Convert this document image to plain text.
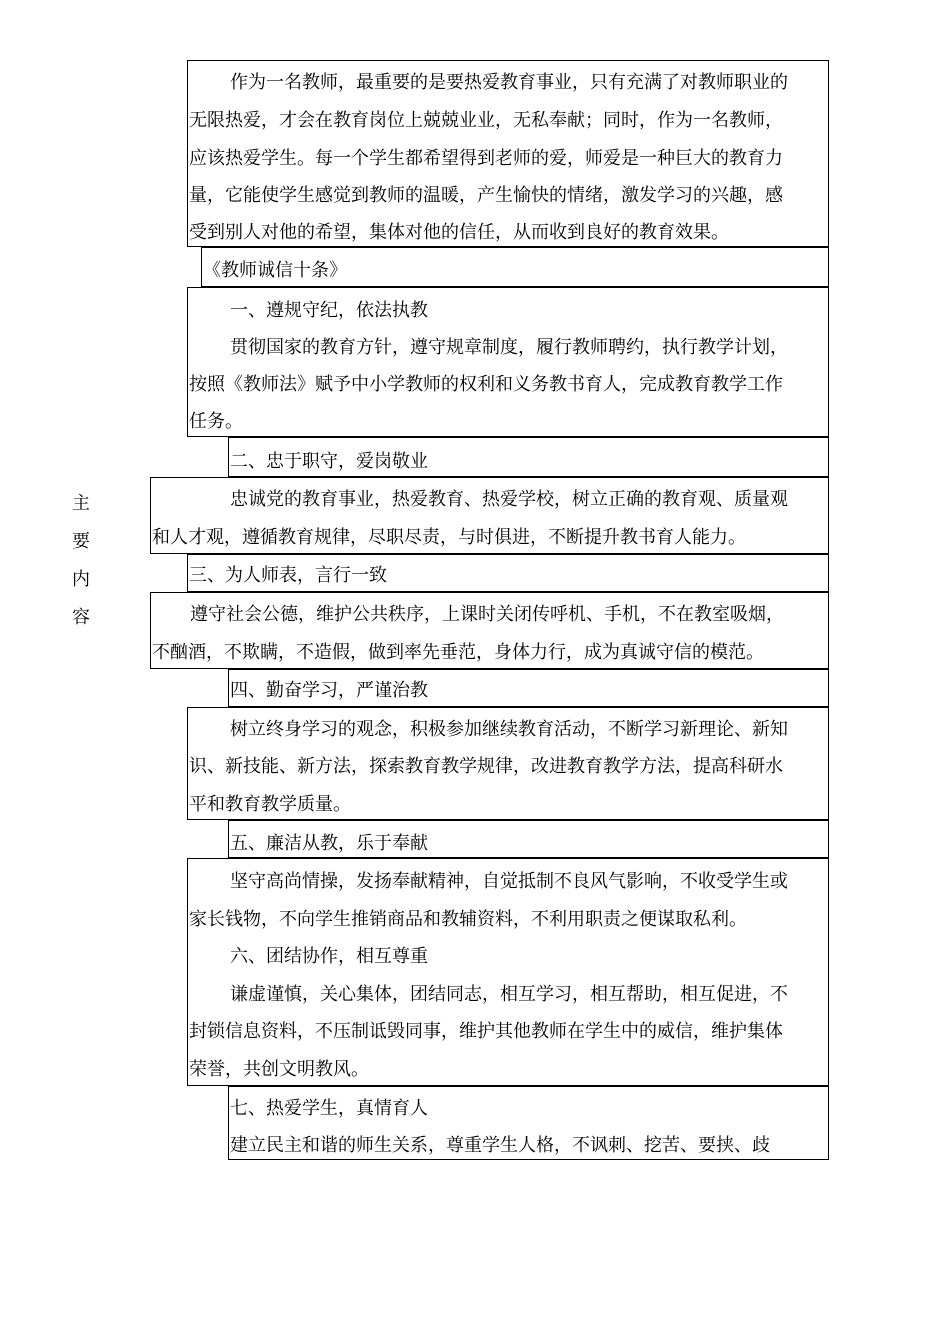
主
要
内
容
作为一名教师，最重要的是要热爱教育事业，只有充满了对教师职业的
无限热爱，才会在教育岗位上兢兢业业，无私奉献；同时，作为一名教师，
应该热爱学生。每一个学生都希望得到老师的爱，师爱是一种巨大的教育力
量，它能使学生感觉到教师的温暖，产生愉快的情绪，激发学习的兴趣，感
受到别人对他的希望，集体对他的信任，从而收到良好的教育效果。
《教师诚信十条》
一、遵规守纪，依法执教
贯彻国家的教育方针，遵守规章制度，履行教师聘约，执行教学计划，
按照《教师法》赋予中小学教师的权利和义务教书育人，完成教育教学工作
任务。
二、忠于职守，爱岗敬业
忠诚党的教育事业，热爱教育、热爱学校，树立正确的教育观、质量观
和人才观，遵循教育规律，尽职尽责，与时俱进，不断提升教书育人能力。
三、为人师表，言行一致
遵守社会公德，维护公共秩序，上课时关闭传呼机、手机，不在教室吸烟，
不酗酒，不欺瞒，不造假，做到率先垂范，身体力行，成为真诚守信的模范。
四、勤奋学习，严谨治教
树立终身学习的观念，积极参加继续教育活动，不断学习新理论、新知
识、新技能、新方法，探索教育教学规律，改进教育教学方法，提高科研水
平和教育教学质量。
五、廉洁从教，乐于奉献
坚守高尚情操，发扬奉献精神，自觉抵制不良风气影响，不收受学生或
家长钱物，不向学生推销商品和教辅资料，不利用职责之便谋取私利。
六、团结协作，相互尊重
谦虚谨慎，关心集体，团结同志，相互学习，相互帮助，相互促进，不
封锁信息资料，不压制诋毁同事，维护其他教师在学生中的威信，维护集体
荣誉，共创文明教风。
七、热爱学生，真情育人
建立民主和谐的师生关系，尊重学生人格，不讽刺、挖苦、要挟、歧
